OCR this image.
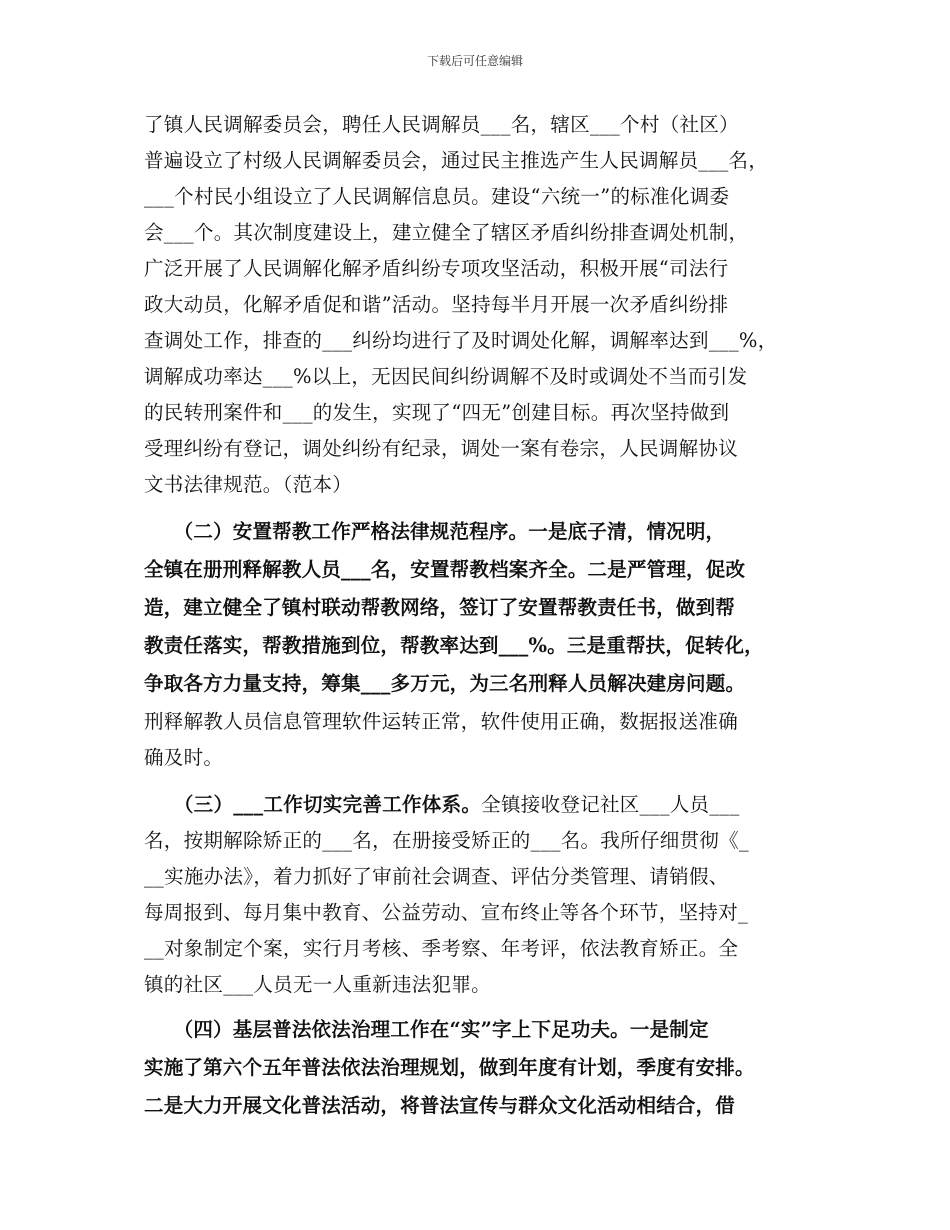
下载后可任意编辑
了镇人民调解委员会，聘任人民调解员___名，辖区___个村（社区）
普遍设立了村级人民调解委员会，通过民主推选产生人民调解员___名，
___个村民小组设立了人民调解信息员。建设“六统一”的标准化调委
会___个。其次制度建设上，建立健全了辖区矛盾纠纷排查调处机制，
广泛开展了人民调解化解矛盾纠纷专项攻坚活动，积极开展“司法行
政大动员，化解矛盾促和谐”活动。坚持每半月开展一次矛盾纠纷排
查调处工作，排查的___纠纷均进行了及时调处化解，调解率达到___%，
调解成功率达___%以上，无因民间纠纷调解不及时或调处不当而引发
的民转刑案件和___的发生，实现了“四无”创建目标。再次坚持做到
受理纠纷有登记，调处纠纷有纪录，调处一案有卷宗，人民调解协议
文书法律规范。（范本）
　　（二）安置帮教工作严格法律规范程序。一是底子清，情况明，
全镇在册刑释解教人员___名，安置帮教档案齐全。二是严管理，促改
造，建立健全了镇村联动帮教网络，签订了安置帮教责任书，做到帮
教责任落实，帮教措施到位，帮教率达到___%。三是重帮扶，促转化，
争取各方力量支持，筹集___多万元，为三名刑释人员解决建房问题。
刑释解教人员信息管理软件运转正常，软件使用正确，数据报送准确
确及时。
　　（三）___工作切实完善工作体系。全镇接收登记社区___人员___
名，按期解除矫正的___名，在册接受矫正的___名。我所仔细贯彻《_
__实施办法》，着力抓好了审前社会调查、评估分类管理、请销假、
每周报到、每月集中教育、公益劳动、宣布终止等各个环节，坚持对_
__对象制定个案，实行月考核、季考察、年考评，依法教育矫正。全
镇的社区___人员无一人重新违法犯罪。
　　（四）基层普法依法治理工作在“实”字上下足功夫。一是制定
实施了第六个五年普法依法治理规划，做到年度有计划，季度有安排。
二是大力开展文化普法活动，将普法宣传与群众文化活动相结合，借
